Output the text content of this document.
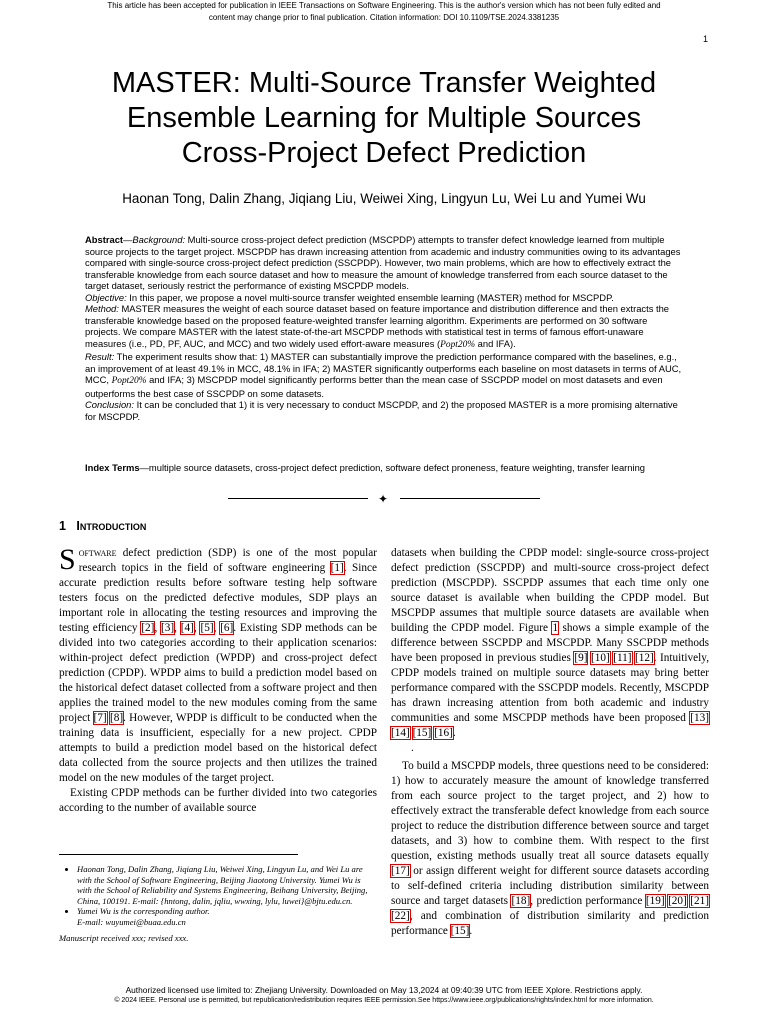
This article has been accepted for publication in IEEE Transactions on Software Engineering. This is the author's version which has not been fully edited and
content may change prior to final publication. Citation information: DOI 10.1109/TSE.2024.3381235
1
MASTER: Multi-Source Transfer Weighted
Ensemble Learning for Multiple Sources
Cross-Project Defect Prediction
Haonan Tong, Dalin Zhang, Jiqiang Liu, Weiwei Xing, Lingyun Lu, Wei Lu and Yumei Wu

Abstract—Background: Multi-source cross-project defect prediction (MSCPDP) attempts to transfer defect knowledge learned from multiple source projects to the target project. MSCPDP has drawn increasing attention from academic and industry communities owing to its advantages compared with single-source cross-project defect prediction (SSCPDP). However, two main problems, which are how to effectively extract the transferable knowledge from each source dataset and how to measure the amount of knowledge transferred from each source dataset to the target dataset, seriously restrict the performance of existing MSCPDP models.

Objective: In this paper, we propose a novel multi-source transfer weighted ensemble learning (MASTER) method for MSCPDP.

Method: MASTER measures the weight of each source dataset based on feature importance and distribution difference and then extracts the transferable knowledge based on the proposed feature-weighted transfer learning algorithm. Experiments are performed on 30 software projects. We compare MASTER with the latest state-of-the-art MSCPDP methods with statistical test in terms of famous effort-unaware measures (i.e., PD, PF, AUC, and MCC) and two widely used effort-aware measures (Popt20% and IFA).

Result: The experiment results show that: 1) MASTER can substantially improve the prediction performance compared with the baselines, e.g., an improvement of at least 49.1% in MCC, 48.1% in IFA; 2) MASTER significantly outperforms each baseline on most datasets in terms of AUC, MCC, Popt20% and IFA; 3) MSCPDP model significantly performs better than the mean case of SSCPDP model on most datasets and even outperforms the best case of SSCPDP on some datasets.

Conclusion: It can be concluded that 1) it is very necessary to conduct MSCPDP, and 2) the proposed MASTER is a more promising alternative for MSCPDP.

Index Terms—multiple source datasets, cross-project defect prediction, software defect proneness, feature weighting, transfer learning
✦
1 Introduction

Software defect prediction (SDP) is one of the most popular research topics in the field of software engineering [1]. Since accurate prediction results before software testing help software testers focus on the predicted defective modules, SDP plays an important role in allocating the testing resources and improving the testing efficiency [2], [3], [4], [5], [6]. Existing SDP methods can be divided into two categories according to their application scenarios: within-project defect prediction (WPDP) and cross-project defect prediction (CPDP). WPDP aims to build a prediction model based on the historical defect dataset collected from a software project and then applies the trained model to the new modules coming from the same project [7] [8]. However, WPDP is difficult to be conducted when the training data is insufficient, especially for a new project. CPDP attempts to build a prediction model based on the historical defect data collected from the source projects and then utilizes the trained model on the new modules of the target project.

Existing CPDP methods can be further divided into two categories according to the number of available source

• Haonan Tong, Dalin Zhang, Jiqiang Liu, Weiwei Xing, Lingyun Lu, and Wei Lu are with the School of Software Engineering, Beijing Jiaotong University. Yumei Wu is with the School of Reliability and Systems Engineering, Beihang University, Beijing, China, 100191. E-mail: {hntong, dalin, jqliu, wwxing, lylu, luwei}@bjtu.edu.cn.
• Yumei Wu is the corresponding author.
E-mail: wuyumei@buaa.edu.cn
Manuscript received xxx; revised xxx.

datasets when building the CPDP model: single-source cross-project defect prediction (SSCPDP) and multi-source cross-project defect prediction (MSCPDP). SSCPDP assumes that each time only one source dataset is available when building the CPDP model. But MSCPDP assumes that multiple source datasets are available when building the CPDP model. Figure 1 shows a simple example of the difference between SSCPDP and MSCPDP. Many SSCPDP methods have been proposed in previous studies [9] [10] [11] [12]. Intuitively, CPDP models trained on multiple source datasets may bring better performance compared with the SSCPDP models. Recently, MSCPDP has drawn increasing attention from both academic and industry communities and some MSCPDP methods have been proposed [13] [14] [15] [16].

.

To build a MSCPDP models, three questions need to be considered: 1) how to accurately measure the amount of knowledge transferred from each source project to the target project, and 2) how to effectively extract the transferable defect knowledge from each source project to reduce the distribution difference between source and target datasets, and 3) how to combine them. With respect to the first question, existing methods usually treat all source datasets equally [17] or assign different weight for different source datasets according to self-defined criteria including distribution similarity between source and target datasets [18], prediction performance [19] [20] [21] [22], and combination of distribution similarity and prediction performance [15].

Authorized licensed use limited to: Zhejiang University. Downloaded on May 13,2024 at 09:40:39 UTC from IEEE Xplore. Restrictions apply.
© 2024 IEEE. Personal use is permitted, but republication/redistribution requires IEEE permission.See https://www.ieee.org/publications/rights/index.html for more information.
